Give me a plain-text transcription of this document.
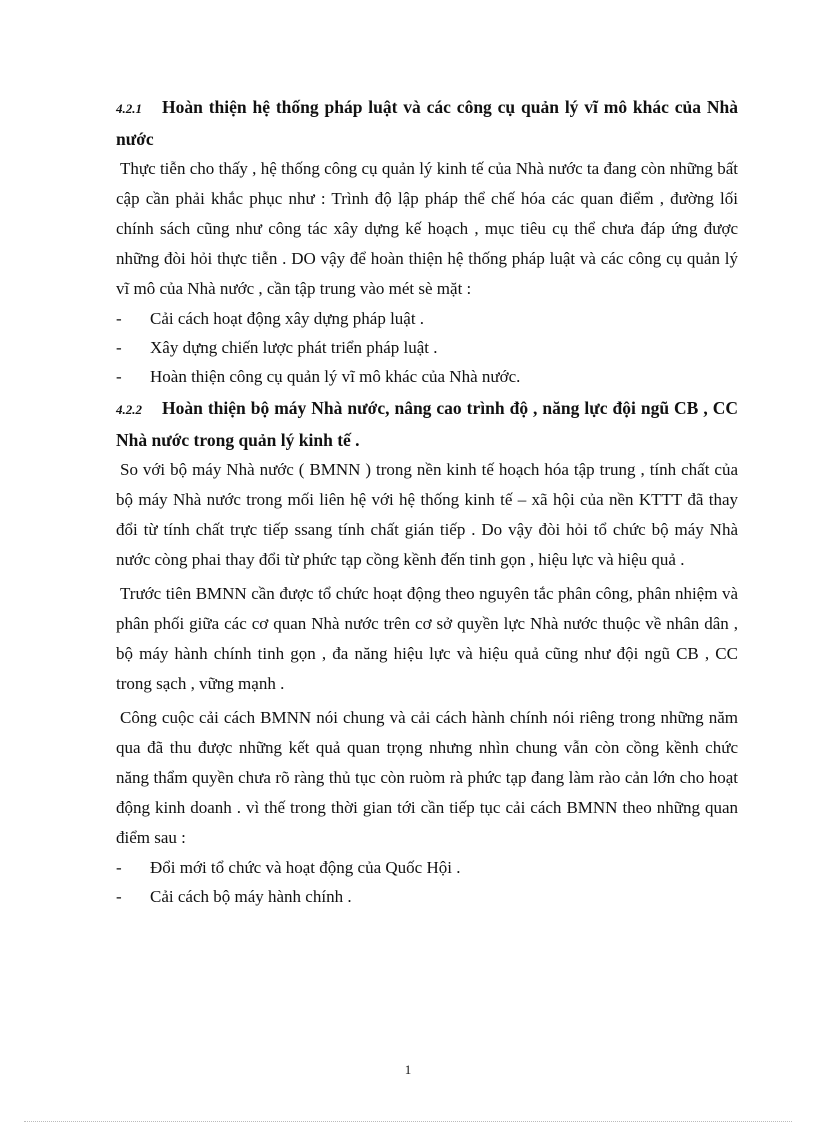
4.2.1 Hoàn thiện hệ thống pháp luật và các công cụ quản lý vĩ mô khác của Nhà nước

Thực tiễn cho thấy , hệ thống công cụ quản lý kinh tế của Nhà nước ta đang còn những bất cập cần phải khắc phục như : Trình độ lập pháp thể chế hóa các quan điểm , đường lối chính sách cũng như công tác xây dựng kế hoạch , mục tiêu cụ thể chưa đáp ứng được những đòi hỏi thực tiễn . DO vậy để hoàn thiện hệ thống pháp luật và các công cụ quản lý vĩ mô của Nhà nước , cần tập trung vào mét sè mặt :

- Cải cách hoạt động xây dựng pháp luật .
- Xây dựng chiến lược phát triển pháp luật .
- Hoàn thiện công cụ quản lý vĩ mô khác của Nhà nước.

4.2.2 Hoàn thiện bộ máy Nhà nước, nâng cao trình độ , năng lực đội ngũ CB , CC Nhà nước trong quản lý kinh tế .

So với bộ máy Nhà nước ( BMNN ) trong nền kinh tế hoạch hóa tập trung , tính chất của bộ máy Nhà nước trong mối liên hệ với hệ thống kinh tế – xã hội của nền KTTT đã thay đổi từ tính chất trực tiếp ssang tính chất gián tiếp . Do vậy đòi hỏi tổ chức bộ máy Nhà nước còng phai thay đổi từ phức tạp cồng kềnh đến tinh gọn , hiệu lực và hiệu quả .

Trước tiên BMNN cần được tổ chức hoạt động theo nguyên tắc phân công, phân nhiệm và phân phối giữa các cơ quan Nhà nước trên cơ sở quyền lực Nhà nước thuộc về nhân dân , bộ máy hành chính tinh gọn , đa năng hiệu lực và hiệu quả cũng như đội ngũ CB , CC trong sạch , vững mạnh .

Công cuộc cải cách BMNN nói chung và cải cách hành chính nói riêng trong những năm qua đã thu được những kết quả quan trọng nhưng nhìn chung vẫn còn cồng kềnh chức năng thẩm quyền chưa rõ ràng thủ tục còn ruòm rà phức tạp đang làm rào cản lớn cho hoạt động kinh doanh . vì thế trong thời gian tới cần tiếp tục cải cách BMNN theo những quan điểm sau :

- Đổi mới tổ chức và hoạt động của Quốc Hội .
- Cải cách bộ máy hành chính .
1
